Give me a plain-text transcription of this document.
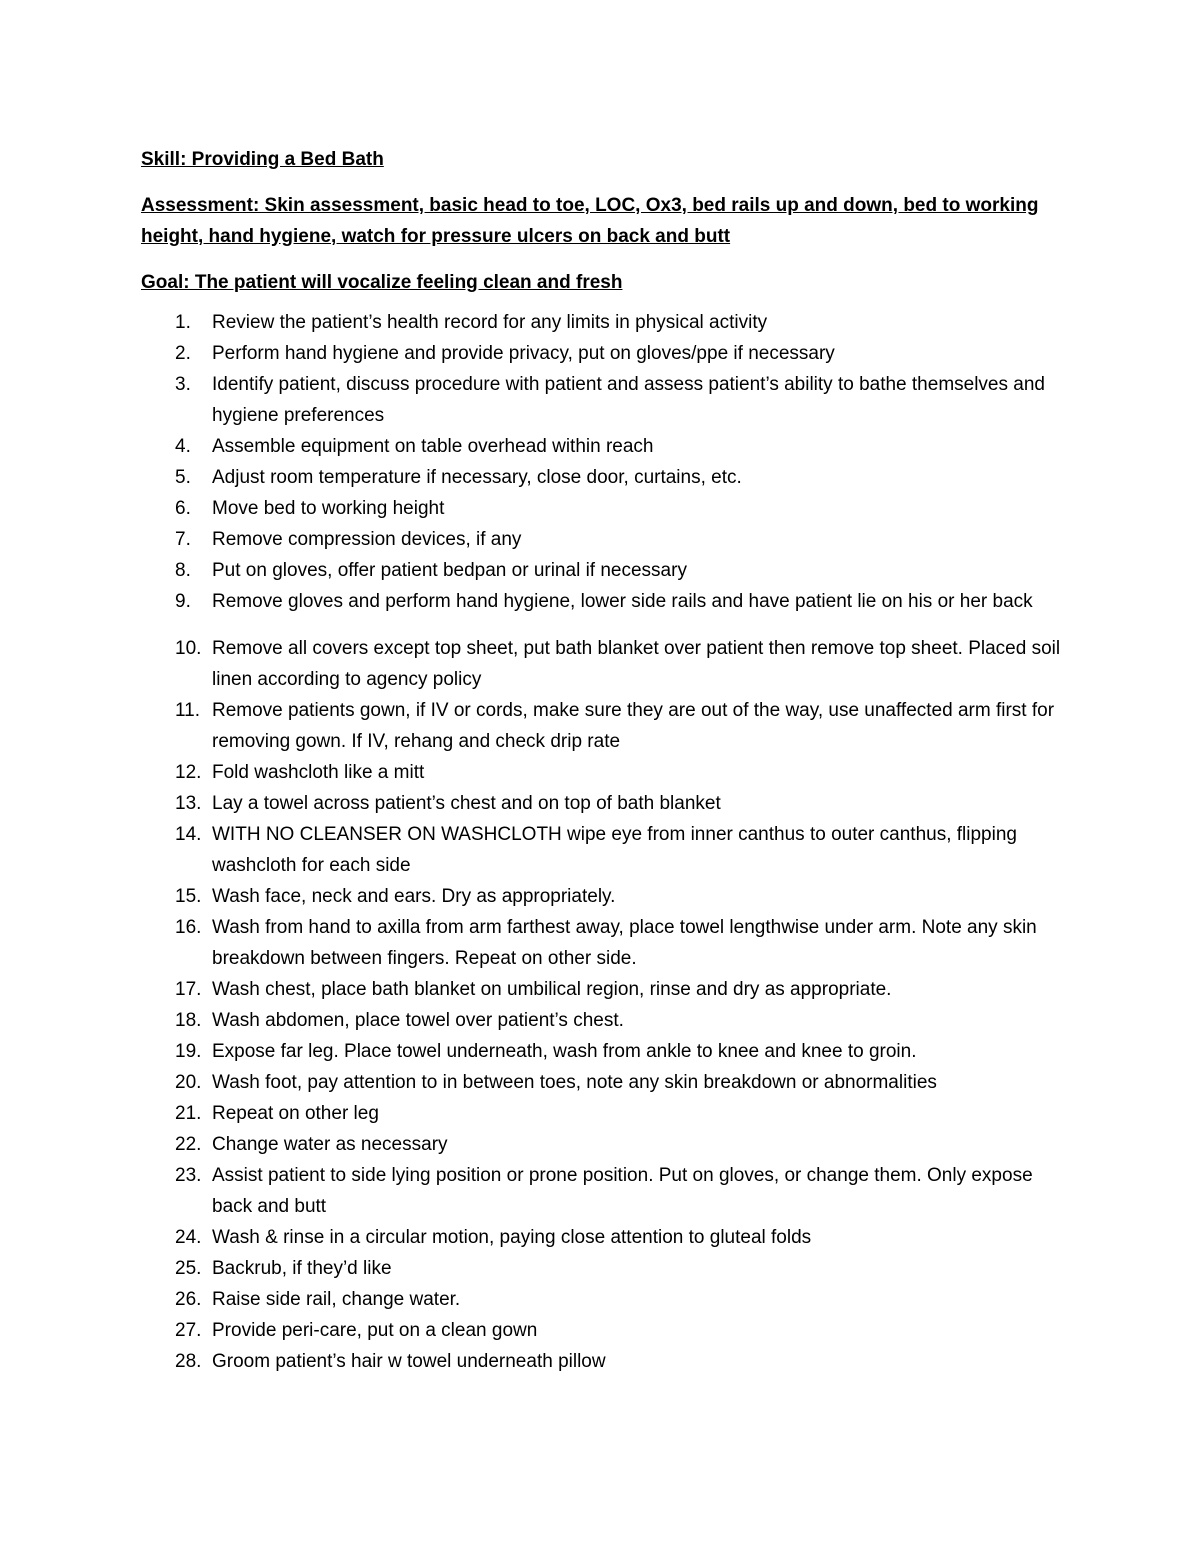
Skill: Providing a Bed Bath

Assessment: Skin assessment, basic head to toe, LOC, Ox3, bed rails up and down, bed to working height, hand hygiene, watch for pressure ulcers on back and butt

Goal: The patient will vocalize feeling clean and fresh

1.	Review the patient’s health record for any limits in physical activity
2.	Perform hand hygiene and provide privacy, put on gloves/ppe if necessary
3.	Identify patient, discuss procedure with patient and assess patient’s ability to bathe themselves and hygiene preferences
4.	Assemble equipment on table overhead within reach
5.	Adjust room temperature if necessary, close door, curtains, etc.
6.	Move bed to working height
7.	Remove compression devices, if any
8.	Put on gloves, offer patient bedpan or urinal if necessary
9.	Remove gloves and perform hand hygiene, lower side rails and have patient lie on his or her back
10. Remove all covers except top sheet, put bath blanket over patient then remove top sheet. Placed soil linen according to agency policy
11. Remove patients gown, if IV or cords, make sure they are out of the way, use unaffected arm first for removing gown. If IV, rehang and check drip rate
12. Fold washcloth like a mitt
13. Lay a towel across patient’s chest and on top of bath blanket
14. WITH NO CLEANSER ON WASHCLOTH wipe eye from inner canthus to outer canthus, flipping washcloth for each side
15. Wash face, neck and ears. Dry as appropriately.
16. Wash from hand to axilla from arm farthest away, place towel lengthwise under arm. Note any skin breakdown between fingers. Repeat on other side.
17. Wash chest, place bath blanket on umbilical region, rinse and dry as appropriate.
18. Wash abdomen, place towel over patient’s chest.
19. Expose far leg. Place towel underneath, wash from ankle to knee and knee to groin.
20. Wash foot, pay attention to in between toes, note any skin breakdown or abnormalities
21. Repeat on other leg
22. Change water as necessary
23. Assist patient to side lying position or prone position. Put on gloves, or change them. Only expose back and butt
24. Wash & rinse in a circular motion, paying close attention to gluteal folds
25. Backrub, if they’d like
26. Raise side rail, change water.
27. Provide peri-care, put on a clean gown
28. Groom patient’s hair w towel underneath pillow
